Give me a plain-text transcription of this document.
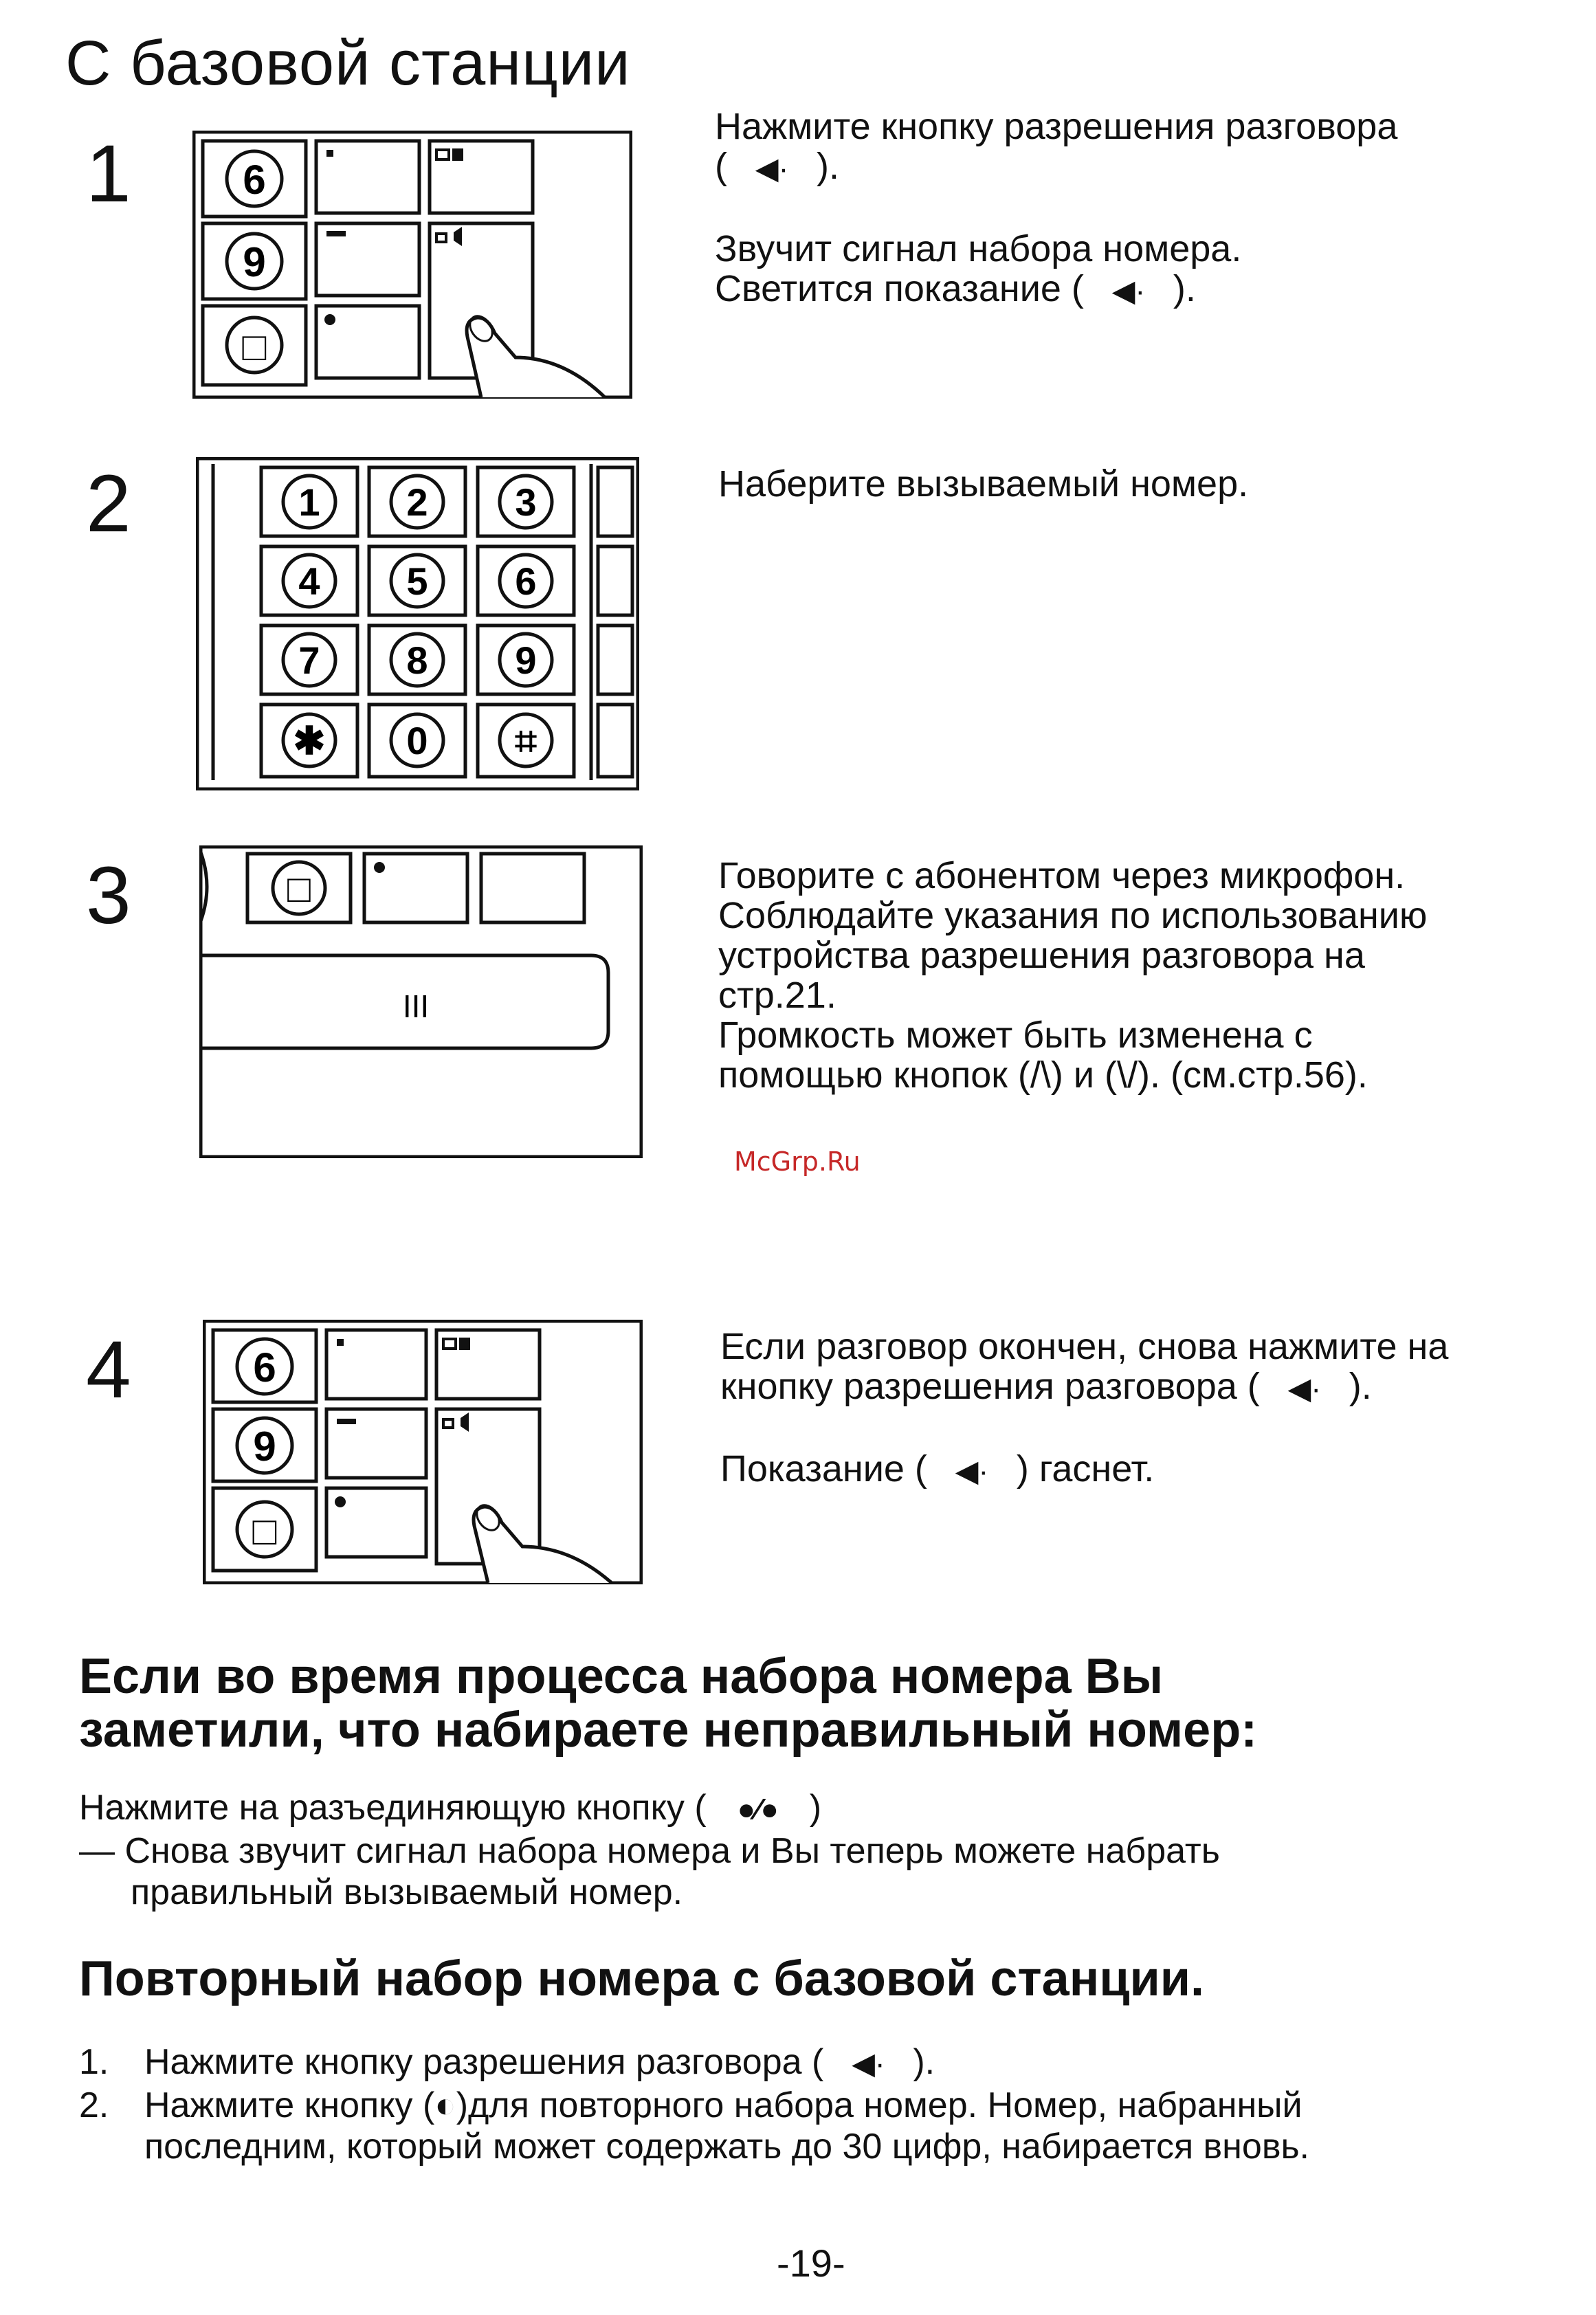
С базовой станции
1	6
9
□

Нажмите кнопку разрешения разговора

( ◀· ).

Звучит сигнал набора номера.

Светится показание ( ◀· ).

2	1 2 3
4 5 6
7 8 9
✱ 0 ⌗
Наберите вызываемый номер.
3	□
III

Говорите с абонентом через микрофон.

Соблюдайте указания по использованию

устройства разрешения разговора на

стр.21.

Громкость может быть изменена с

помощью кнопок (/\) и (\/). (см.стр.56).

McGrp.Ru
4	6
9
□

Если разговор окончен, снова нажмите на

кнопку разрешения разговора ( ◀· ).

Показание ( ◀· ) гаснет.

Если во время процесса набора номера Вы
заметили, что набираете неправильный номер:
Нажмите на разъединяющую кнопку ( ●⁄● )
— Снова звучит сигнал набора номера и Вы теперь можете набрать
правильный вызываемый номер.
Повторный набор номера с базовой станции.
1. Нажмите кнопку разрешения разговора ( ◀· ).
2. Нажмите кнопку (◐)для повторного набора номер. Номер, набранный
последним, который может содержать до 30 цифр, набирается вновь.
-19-
